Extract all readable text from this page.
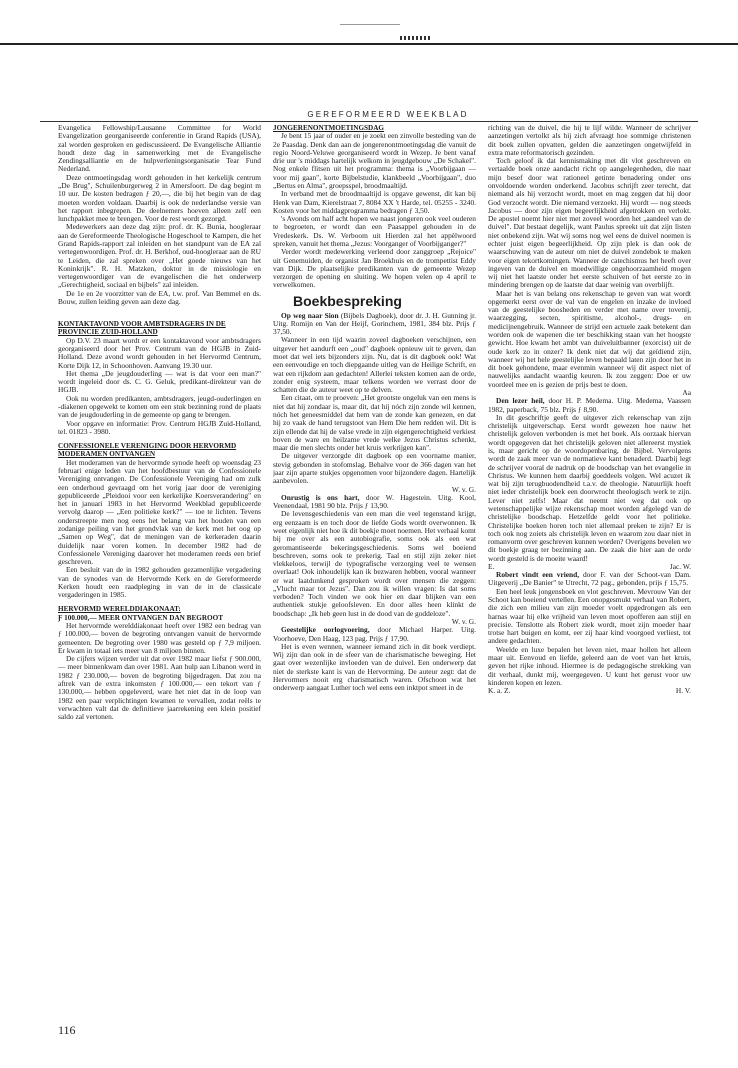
GEREFORMEERD WEEKBLAD

Evangelica Fellowship/Lausanne Committee for World Evangelization georganiseerde conferentie in Grand Rapids (USA), zal worden gesproken en gediscussieerd. De Evangelische Alliantie houdt deze dag in samenwerking met de Evangelische Zendingsalliantie en de hulpverleningsorganisatie Tear Fund Nederland.

Deze ontmoetingsdag wordt gehouden in het kerkelijk centrum „De Brug", Schuilenburgerweg 2 in Amersfoort. De dag begint m 10 uur. De kosten bedragen ƒ 20,—, die bij het begin van de dag moeten worden voldaan. Daarbij is ook de nederlandse versie van het rapport inbegrepen. De deelnemers hoeven alleen zelf een lunchpakket mee te brengen. Voor de rest wordt gezorgd.

Medewerkers aan deze dag zijn: prof. dr. K. Bunia, hoogleraar aan de Gereformeerde Theologische Hogeschool te Kampen, die het Grand Rapids-rapport zal inleiden en het standpunt van de EA zal vertegenwoordigen. Prof. dr. H. Berkhof, oud-hoogleraar aan de RU te Leiden, die zal spreken over „Het goede nieuws van het Koninkrijk". R. H. Matzken, doktor in de missiologie en vertegenwoordiger van de evangelischen die het onderwerp „Gerechtigheid, sociaal en bijbels" zal inleiden.

De 1e en 2e voorzitter van de EA, t.w. prof. Van Bemmel en ds. Bouw, zullen leiding geven aan deze dag.

KONTAKTAVOND VOOR AMBTSDRAGERS IN DE PROVINCIE ZUID-HOLLAND

Op D.V. 23 maart wordt er een kontaktavond voor ambtsdragers georganiseerd door het Prov. Centrum van de HGJB in Zuid-Holland. Deze avond wordt gehouden in het Hervormd Centrum, Korte Dijk 12, in Schoonhoven. Aanvang 19.30 uur.

Het thema „De jeugdouderling — wat is dat voor een man?" wordt ingeleid door ds. C. G. Geluk, predikant-direkteur van de HGJB.

Ook nu worden predikanten, ambtsdragers, jeugd-ouderlingen en -diakenen opgewekt te komen om een stuk bezinning rond de plaats van de jeugdouderling in de gemeente op gang te brengen.

Voor opgave en informatie: Prov. Centrum HGJB Zuid-Holland, tel. 01823 - 3980.

CONFESSIONELE VERENIGING DOOR HERVORMD MODERAMEN ONTVANGEN

Het moderamen van de hervormde synode heeft op woensdag 23 februari enige leden van het hoofdbestuur van de Confessionele Vereniging ontvangen. De Confessionele Vereniging had om zulk een onderhoud gevraagd om het vorig jaar door de vereniging gepubliceerde „Pleidooi voor een kerkelijke Koersverandering" en het in januari 1983 in het Hervormd Weekblad gepubliceerde vervolg daarop — „Een politieke kerk?" — toe te lichten. Tevens onderstreepte men nog eens het belang van het houden van een zodanige peiling van het grondvlak van de kerk met het oog op „Samen op Weg", dat de meningen van de kerkeraden daarin duidelijk naar voren komen. In december 1982 had de Confessionele Vereniging daarover het moderamen reeds een brief geschreven.

Een besluit van de in 1982 gehouden gezamenlijke vergadering van de synodes van de Hervormde Kerk en de Gereformeerde Kerken houdt een raadpleging in van de in de classicale vergaderingen in 1985.

HERVORMD WERELDDIAKONAAT:
Ƒ 100.000,— MEER ONTVANGEN DAN BEGROOT

Het hervormde werelddiakonaat heeft over 1982 een bedrag van ƒ 100.000,— boven de begroting ontvangen vanuit de hervormde gemeenten. De begroting over 1980 was gesteld op ƒ 7,9 miljoen. Er kwam in totaal iets meer van 8 miljoen binnen.

De cijfers wijzen verder uit dat over 1982 maar liefst ƒ 900.000,— meer binnenkwam dan over 1981. Aan hulp aan Libanon werd in 1982 ƒ 230.000,— boven de begroting bijgedragen. Dat zou na aftrek van de extra inkomsten ƒ 100.000,— een tekort van ƒ 130.000,— hebben opgeleverd, ware het niet dat in de loop van 1982 een paar verplichtingen kwamen te vervallen, zodat reëls te verwachten valt dat de definitieve jaarrekening een klein positief saldo zal vertonen.

JONGERENONTMOETINGSDAG

Je bent 15 jaar of ouder en je zoekt een zinvolle besteding van de 2e Paasdag. Denk dan aan de jongerenontmoetingsdag die vanuit de regio Noord-Veluwe georganiseerd wordt in Wezep. Je bent vanaf drie uur 's middags hartelijk welkom in jeugdgebouw „De Schakel". Nog enkele flitsen uit het programma: thema is „Voorbijgaan — voor mij gaan", korte Bijbelstudie, klankbeeld „Voorbijgaan", duo „Bertus en Alma", groepsspel, broodmaaltijd.

In verband met de broodmaaltijd is opgave gewenst, dit kan bij Henk van Dam, Kierelstraat 7, 8084 XX 't Harde, tel. 05255 - 3240. Kosten voor het middagprogramma bedragen ƒ 3,50.

's Avonds om half acht hopen we naast jongeren ook veel ouderen te begroeten, er wordt dan een Paasappel gehouden in de Vredeskerk. Ds. W. Verboom uit Hierden zal het appèlwoord spreken, vanuit het thema „Jezus: Voorganger of Voorbijganger?"

Verder wordt medewerking verleend door zanggroep „Rejoice" uit Genemuiden, de organist Jan Broekhuis en de trompettist Eddy van Dijk. De plaatselijke predikanten van de gemeente Wezep verzorgen de opening en sluiting. We hopen velen op 4 april te verwelkomen.

Boekbespreking

Op weg naar Sion (Bijbels Dagboek), door dr. J. H. Gunning jr. Uitg. Romijn en Van der Heijf, Gorinchem, 1981, 384 blz. Prijs ƒ 37,50.

Wanneer in een tijd waarin zoveel dagboeken verschijnen, een uitgever het aandurft een „oud" dagboek opnieuw uit te geven, dan moet dat wel iets bijzonders zijn. Nu, dat is dit dagboek ook! Wat een eenvoudige en toch diepgaande uitleg van de Heilige Schrift, en wat een rijkdom aan gedachten! Allerlei teksten komen aan de orde, zonder enig systeem, maar telkens worden we verrast door de schatten die de auteur weet op te delven.

Een citaat, om te proeven: „Het grootste ongeluk van een mens is niet dat hij zondaar is, maar dit, dat hij nóch zijn zonde wil kennen, nóch het geneesmiddel dat hem van de zonde kan genezen, en dat hij zo vaak de hand terugstoot van Hem Die hem redden wil. Dit is zijn ellende dat hij de valse vrede in zijn eigengerechtigheid verkiest boven de ware en heilzame vrede welke Jezus Christus schenkt, maar die men slechts onder het kruis verkrijgen kan".

De uitgever verzorgde dit dagboek op een voorname manier, stevig gebonden in stofomslag. Behalve voor de 366 dagen van het jaar zijn aparte stukjes opgenomen voor bijzondere dagen. Hartelijk aanbevolen.

W. v. G.

Onrustig is ons hart, door W. Hagestein. Uitg. Kool, Veenendaal, 1981 90 blz. Prijs ƒ 13,90.

De levensgeschiedenis van een man die veel tegenstand krijgt, erg eenzaam is en toch door de liefde Gods wordt overwonnen. Ik weet eigenlijk niet hoe ik dit boekje moet noemen. Het verhaal komt bij me over als een autobiografie, soms ook als een wat geromantiseerde bekeringsgeschiedenis. Soms wel boeiend beschreven, soms ook te prekerig. Taal en stijl zijn zeker niet vlekkeloos, terwijl de typografische verzorging veel te wensen overlaat! Ook inhoudelijk kan ik bezwaren hebben, vooral wanneer er wat laatdunkend gesproken wordt over mensen die zeggen: „Vlucht maar tot Jezus". Dan zou ik willen vragen: Is dat soms verboden? Toch vinden we ook hier en daar blijken van een authentiek stukje geloofsleven. En door alles heen klinkt de boodschap: „Ik heb geen lust in de dood van de goddeloze".

W. v. G.

Geestelijke oorlogvoering, door Michael Harper. Uitg. Voorhoeve, Den Haag, 123 pag. Prijs ƒ 17,90.

Het is even wennen, wanneer iemand zich in dit boek verdiept. Wij zijn dan ook in de sfeer van de charismatische beweging. Het gaat over wezenlijke invloeden van de duivel. Een onderwerp dat niet de sterkste kant is van de Hervorming. De auteur zegt: dat de Hervormers nooit erg charismatisch waren. Ofschoon wat het onderwerp aangaat Luther toch wel eens een inktpot smeet in de

richting van de duivel, die hij te lijf wilde. Wanneer de schrijver aanzetingen vertolkt als hij zich afvraagt hoe sommige christenen dit boek zullen opvatten, gelden die aanzetingen ongetwijfeld in extra mate reformatorisch gezinden.

Toch geloof ik dat kennismaking met dit vlot geschreven en vertaalde boek onze aandacht richt op aangelegenheden, die naar mijn besef door wat rationeel getinte benadering onder ons onvoldoende worden onderkend. Jacobus schrijft zeer terecht, dat niemand als hij verzocht wordt, moet en mag zeggen dat hij door God verzocht wordt. Die niemand verzoekt. Hij wordt — nog steeds Jacobus — door zijn eigen begeerlijkheid afgetrokken en verlokt. De apostel noemt hier niet met zoveel woorden het „aandeel van de duivel". Dat bestaat degelijk, want Paulus spreekt uit dat zijn listen niet onbekend zijn. Wat wij soms nog wel eens de duivel noemen is echter juist eigen begeerlijkheid. Op zijn plek is dan ook de waarschuwing van de auteur om niet de duivel zondebok te maken voor eigen tekortkomingen. Wanneer de catechismus het heeft over ingeven van de duivel en moedwillige ongehoorzaamheid mogen wij niet het laatste onder het eerste schuiven of het eerste zo in mindering brengen op de laatste dat daar weinig van overblijft.

Maar het is van belang ons rekenschap te geven van wat wordt opgemerkt eerst over de val van de engelen en inzake de invloed van de geestelijke boosheden en verder met name over tovenij, waarzegging, secten, spiritisme, alcohol-, drugs- en medicijnengebruik. Wanneer de strijd een actuele zaak betekent dan worden ook de wapenen die ter beschikking staan van het hoogste gewicht. Hoe kwam het ambt van duiveluitbanner (exorcist) uit de oude kerk zo in onzer? Ik denk niet dat wij dat geïdiend zijn, wanneer wij het hele geestelijke leven bepaald laten zijn door het in dit boek gehondene, maar evenmin wanneer wij dit aspect niet of nauwelijks aandacht waardig keuren. Ik zou zeggen: Doe er uw voordeel mee en is gezien de prijs best te doen.

Aa

Den lezer heil, door H. P. Medema. Uitg. Medema, Vaassen 1982, paperback, 75 blz. Prijs ƒ 8,90.

In dit geschriftje geeft de uitgever zich rekenschap van zijn christelijk uitgeverschap. Eerst wordt gewezen hoe nauw het christelijk geloven verbonden is met het boek. Als oorzaak hiervan wordt opgegeven dat het christelijk geloven niet allereerst mystiek is, maar gericht op de woordopenbaring, de Bijbel. Vervolgens wordt de zaak meer van de normatieve kant benaderd. Daarbij legt de schrijver vooral de nadruk op de boodschap van het evangelie in Christus. We kunnen hem daarbij goeddeels volgen. Wel acuzet ik wat bij zijn terugbuodendheid t.a.v. de theologie. Natuurlijk hoeft niet ieder christelijk boek een doorwrocht theologisch werk te zijn. Lever niet zelfs! Maar dat neemt niet weg dat ook op wetenschappelijke wijze rekenschap moet worden afgelegd van de christelijke boodschap. Hetzelfde geldt voor het politieke. Christelijke boeken horen toch niet allemaal preken te zijn? Er is toch ook nog zoiets als christelijk leven en waarom zou daar niet in romanvorm over geschreven kunnen worden? Overigens bevelen we dit boekje graag ter bezinning aan. De zaak die hier aan de orde wordt gesteld is de moeite waard!

E.	Jac. W.

Robert vindt een vriend, door F. van der Schoot-van Dam. Uitgeverij „De Banier" te Utrecht, 72 pag., gebonden, prijs ƒ 15,75.

Een heel leuk jongensboek en vlot geschreven. Mevrouw Van der Schoot kan boeiend vertellen. Een onopgesmukt verhaal van Robert, die zich een milieu van zijn moeder voelt opgedrongen als een harnas waar hij elke vrijheid van leven moet opofferen aan stijl en precisie. Tenslotte als Robert ziek wordt, moet zijn moeder haar trotse hart buigen en komt, eer zij haar kind voorgoed verliest, tot andere gedachten.

Weelde en luxe bepalen het leven niet, maar hollen het alleen maar uit. Eenvoud en liefde, geleerd aan de voet van het kruis, geven het rijke inhoud. Hiermee is de pedagogische strekking van dit verhaal, dunkt mij, weergegeven. U kunt het gerust voor uw kinderen kopen en lezen.

K. a. Z.	H. V.
116
